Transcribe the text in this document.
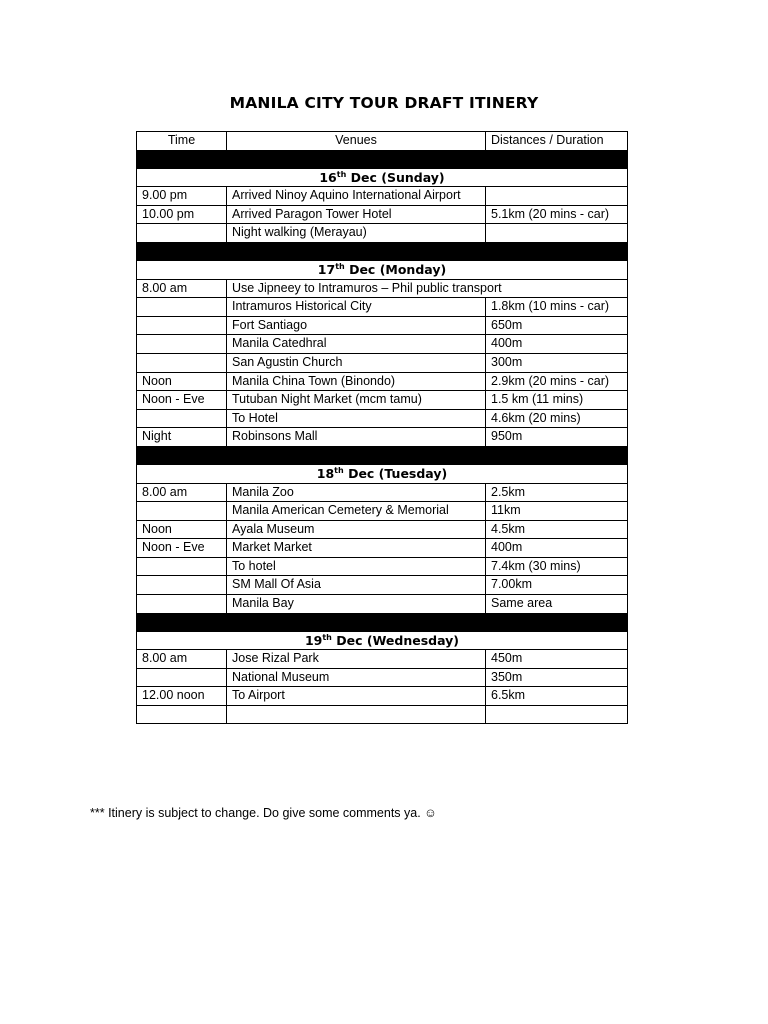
MANILA CITY TOUR DRAFT ITINERY
Time	Venues	Distances / Duration

16th Dec (Sunday)		
9.00 pm	Arrived Ninoy Aquino International Airport	
10.00 pm	Arrived Paragon Tower Hotel	5.1km (20 mins - car)
	Night walking (Merayau)	

17th Dec (Monday)		
8.00 am	Use Jipneey to Intramuros – Phil public transport	
	Intramuros Historical City	1.8km (10 mins - car)
	Fort Santiago	650m
	Manila Catedhral	400m
	San Agustin Church	300m
Noon	Manila China Town (Binondo)	2.9km (20 mins - car)
Noon - Eve	Tutuban Night Market (mcm tamu)	1.5 km (11 mins)
	To Hotel	4.6km (20 mins)
Night	Robinsons Mall	950m

18th Dec (Tuesday)		
8.00 am	Manila Zoo	2.5km
	Manila American Cemetery & Memorial	11km
Noon	Ayala Museum	4.5km
Noon - Eve	Market Market	400m
	To hotel	7.4km (30 mins)
	SM Mall Of Asia	7.00km
	Manila Bay	Same area

19th Dec (Wednesday)		
8.00 am	Jose Rizal Park	450m
	National Museum	350m
12.00 noon	To Airport	6.5km

*** Itinery is subject to change. Do give some comments ya. ☺
